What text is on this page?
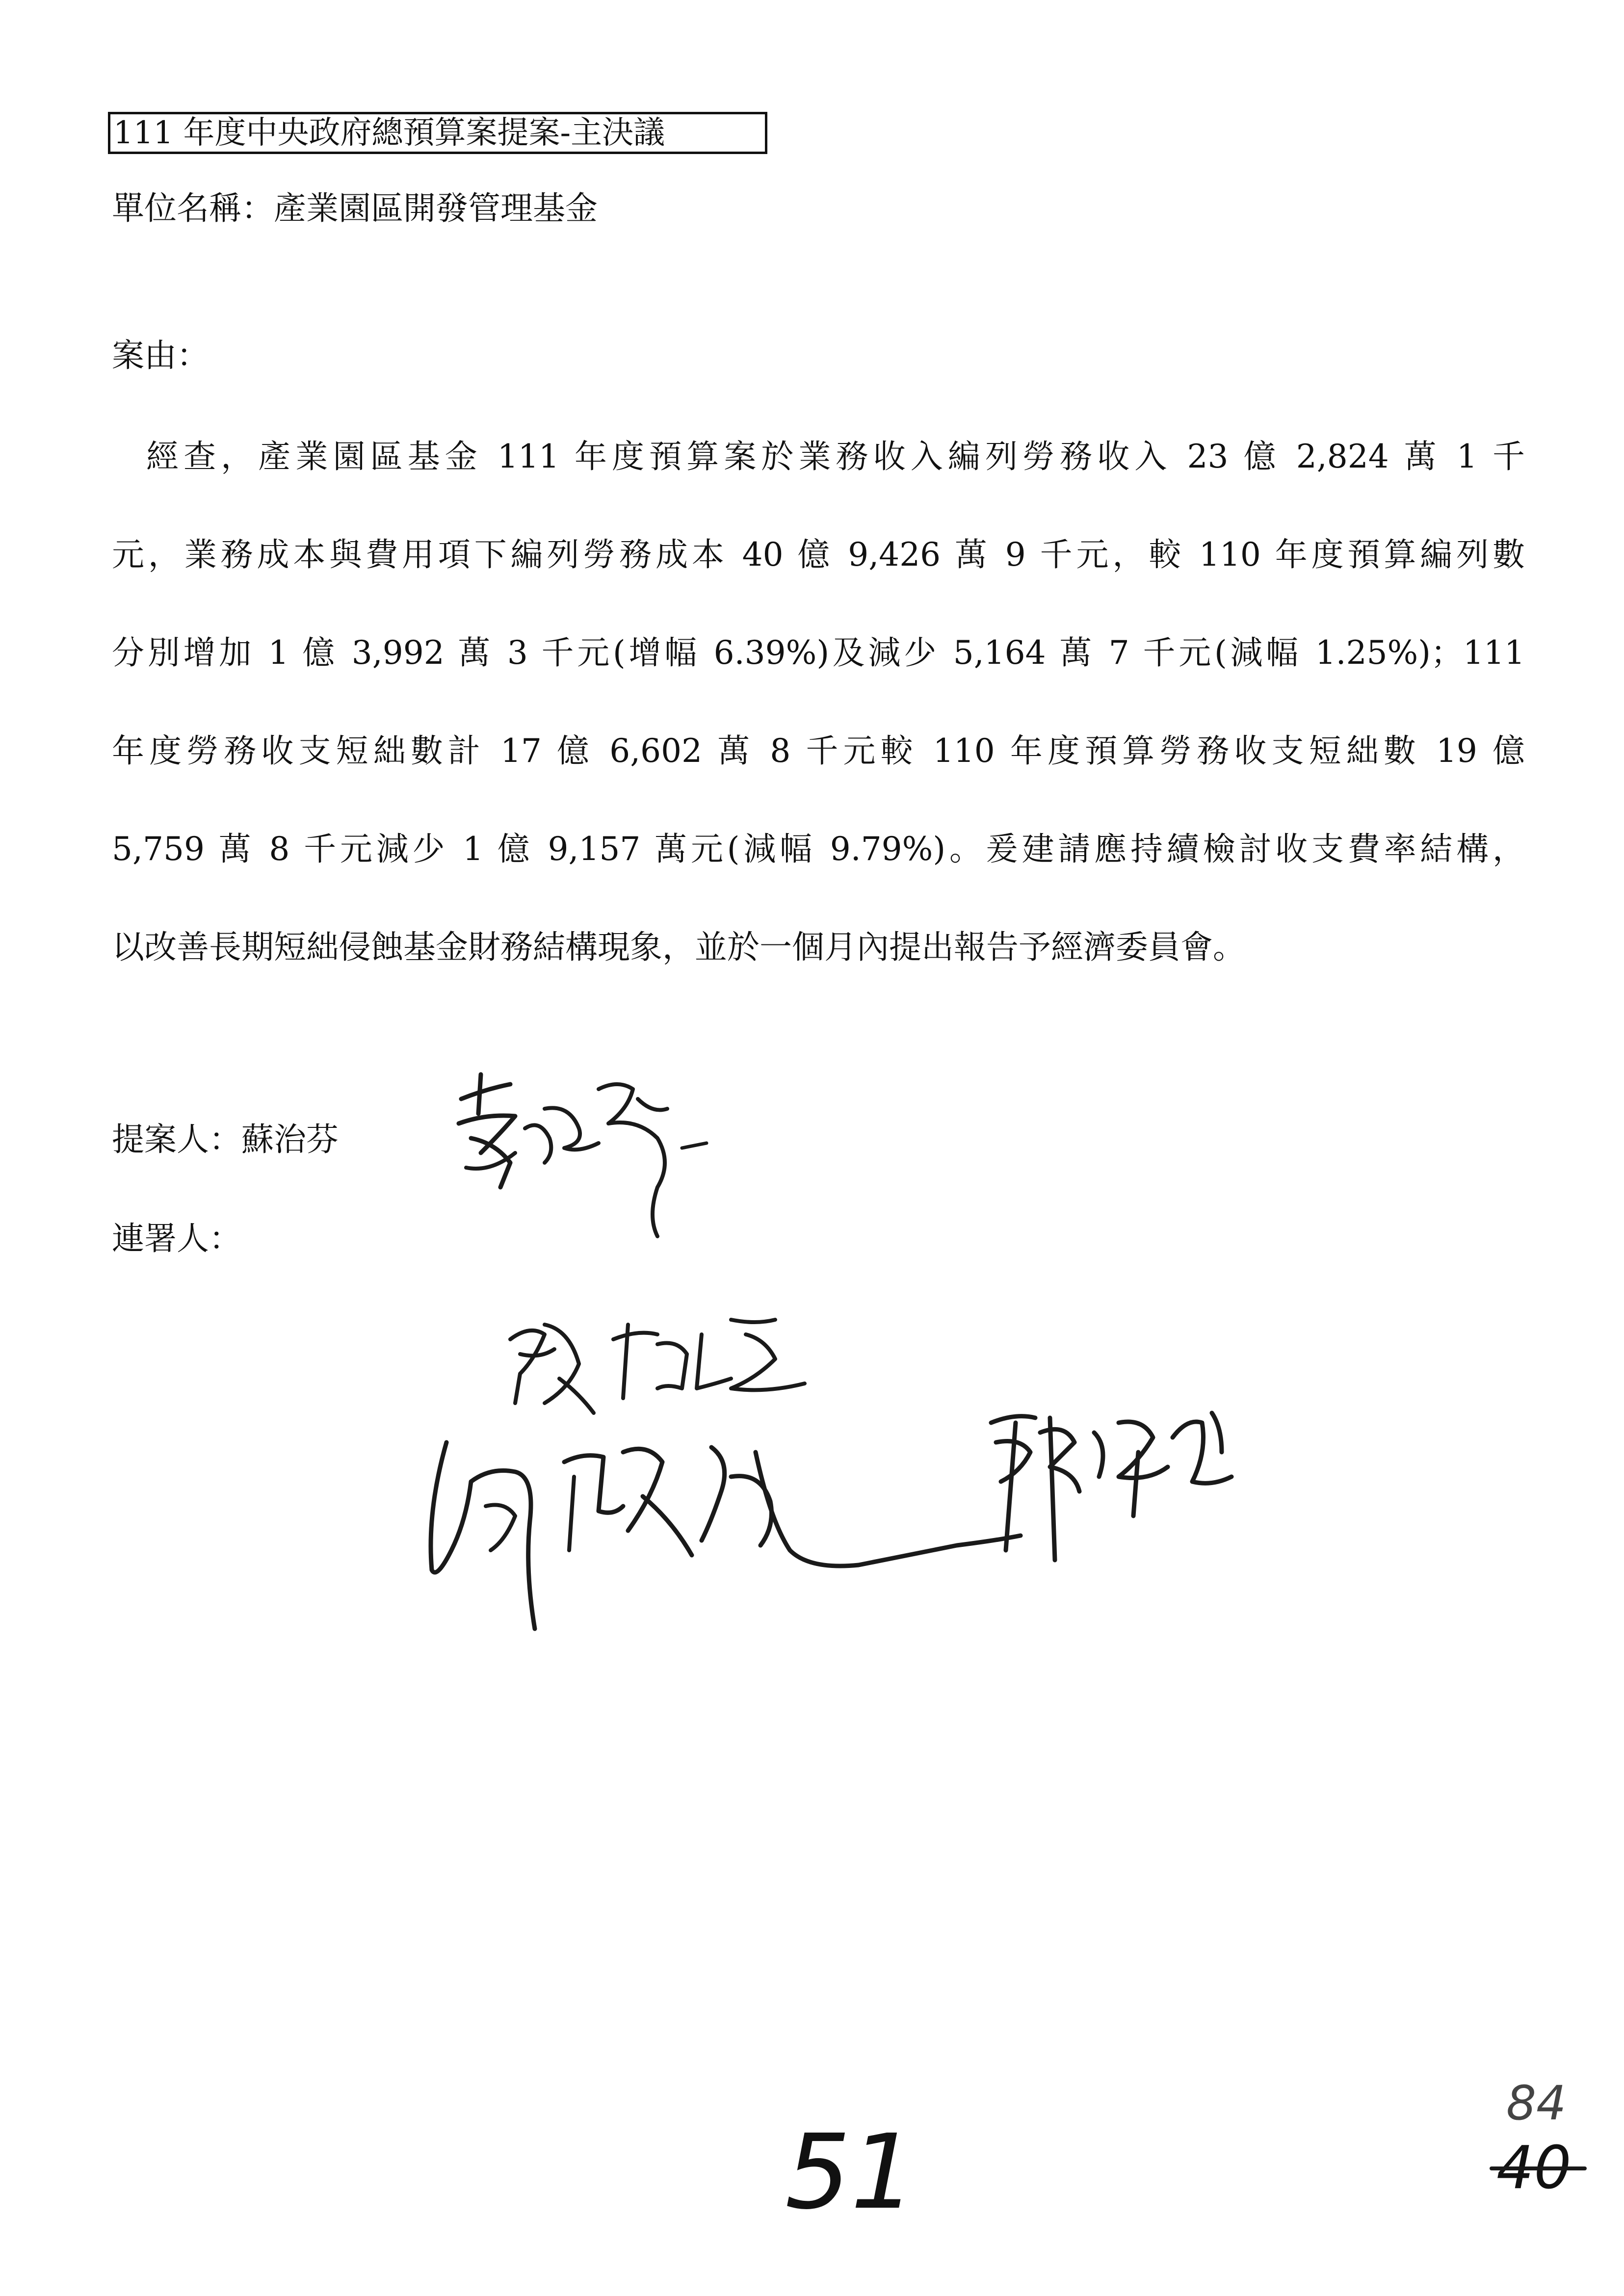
111 年度中央政府總預算案提案-主決議
單位名稱：產業園區開發管理基金
案由：
經查，產業園區基金 111 年度預算案於業務收入編列勞務收入 23 億 2,824 萬 1 千
元，業務成本與費用項下編列勞務成本 40 億 9,426 萬 9 千元，較 110 年度預算編列數
分別增加 1 億 3,992 萬 3 千元(增幅 6.39%)及減少 5,164 萬 7 千元(減幅 1.25%)；111
年度勞務收支短絀數計 17 億 6,602 萬 8 千元較 110 年度預算勞務收支短絀數 19 億
5,759 萬 8 千元減少 1 億 9,157 萬元(減幅 9.79%)。爰建請應持續檢討收支費率結構，
以改善長期短絀侵蝕基金財務結構現象，並於一個月內提出報告予經濟委員會。
提案人：蘇治芬
連署人：
51
84
40
